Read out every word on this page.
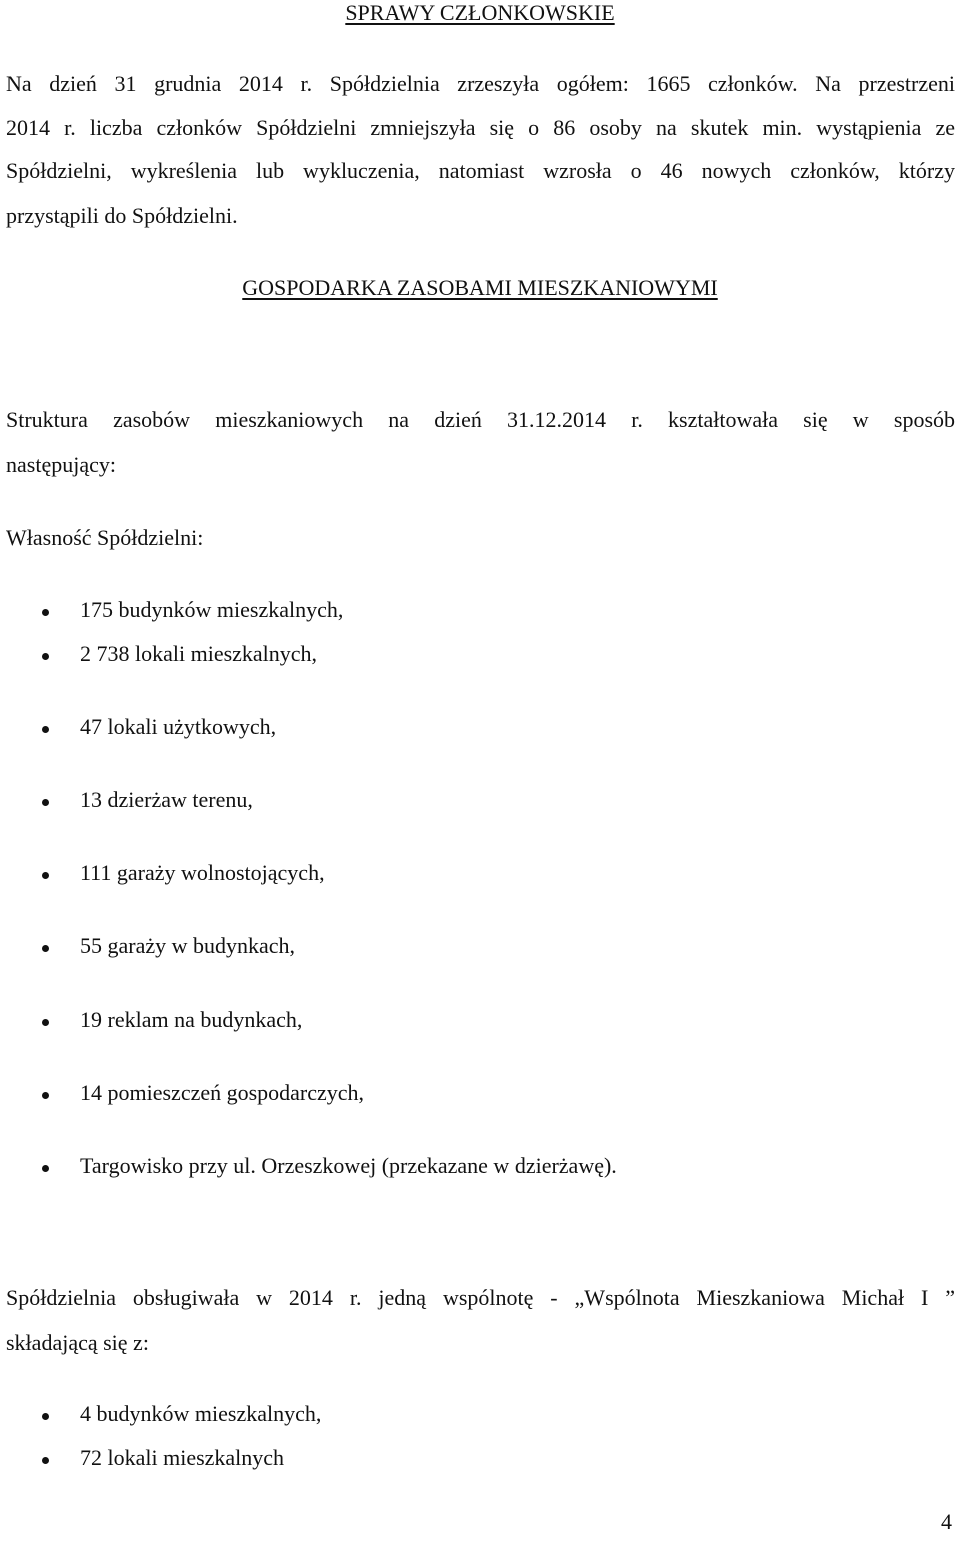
SPRAWY CZŁONKOWSKIE

Na dzień 31 grudnia 2014 r. Spółdzielnia zrzeszyła ogółem: 1665 członków. Na przestrzeni

2014 r. liczba członków Spółdzielni zmniejszyła się o 86 osoby na skutek min. wystąpienia ze

Spółdzielni, wykreślenia lub wykluczenia, natomiast wzrosła o 46 nowych członków, którzy

przystąpili do Spółdzielni.

GOSPODARKA ZASOBAMI MIESZKANIOWYMI

Struktura zasobów mieszkaniowych na dzień 31.12.2014 r. kształtowała się w sposób

następujący:

Własność Spółdzielni:

175 budynków mieszkalnych,
2 738 lokali mieszkalnych,
47 lokali użytkowych,
13 dzierżaw terenu,
111 garaży wolnostojących,
55 garaży w budynkach,
19 reklam na budynkach,
14 pomieszczeń gospodarczych,
Targowisko przy ul. Orzeszkowej (przekazane w dzierżawę).

Spółdzielnia obsługiwała w 2014 r. jedną wspólnotę - „Wspólnota Mieszkaniowa Michał I ”

składającą się z:

4 budynków mieszkalnych,
72 lokali mieszkalnych

4
